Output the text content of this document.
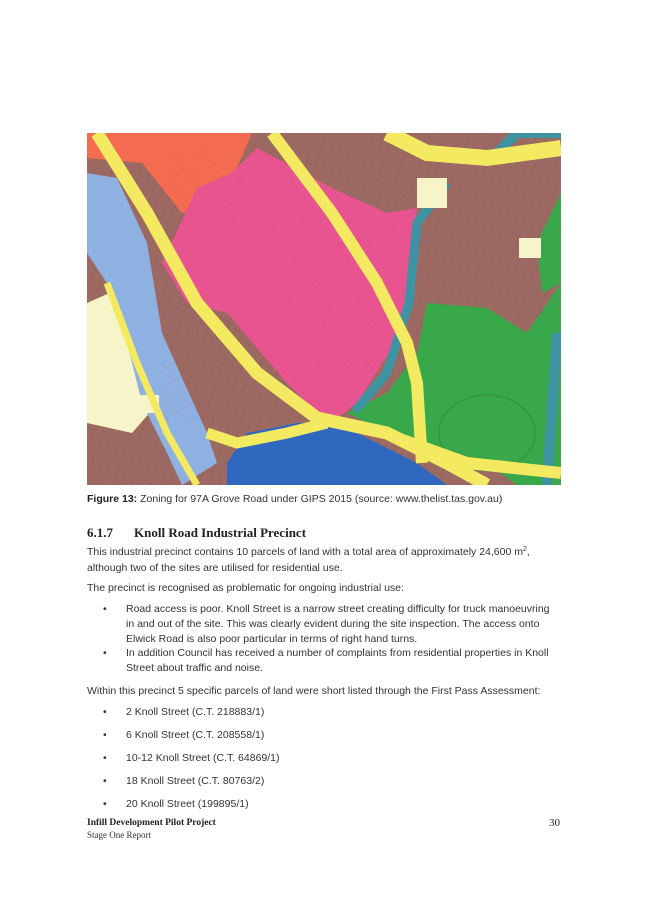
Figure 13: Zoning for 97A Grove Road under GIPS 2015 (source: www.thelist.tas.gov.au)
6.1.7 Knoll Road Industrial Precinct
This industrial precinct contains 10 parcels of land with a total area of approximately 24,600 $m^2$, although two of the sites are utilised for residential use.
The precinct is recognised as problematic for ongoing industrial use:
• Road access is poor. Knoll Street is a narrow street creating difficulty for truck manoeuvring in and out of the site. This was clearly evident during the site inspection. The access onto Elwick Road is also poor particular in terms of right hand turns.
• In addition Council has received a number of complaints from residential properties in Knoll Street about traffic and noise.
Within this precinct 5 specific parcels of land were short listed through the First Pass Assessment:
• 2 Knoll Street (C.T. 218883/1)
• 6 Knoll Street (C.T. 208558/1)
• 10-12 Knoll Street (C.T. 64869/1)
• 18 Knoll Street (C.T. 80763/2)
• 20 Knoll Street (199895/1)
Infill Development Pilot Project
Stage One Report
30
